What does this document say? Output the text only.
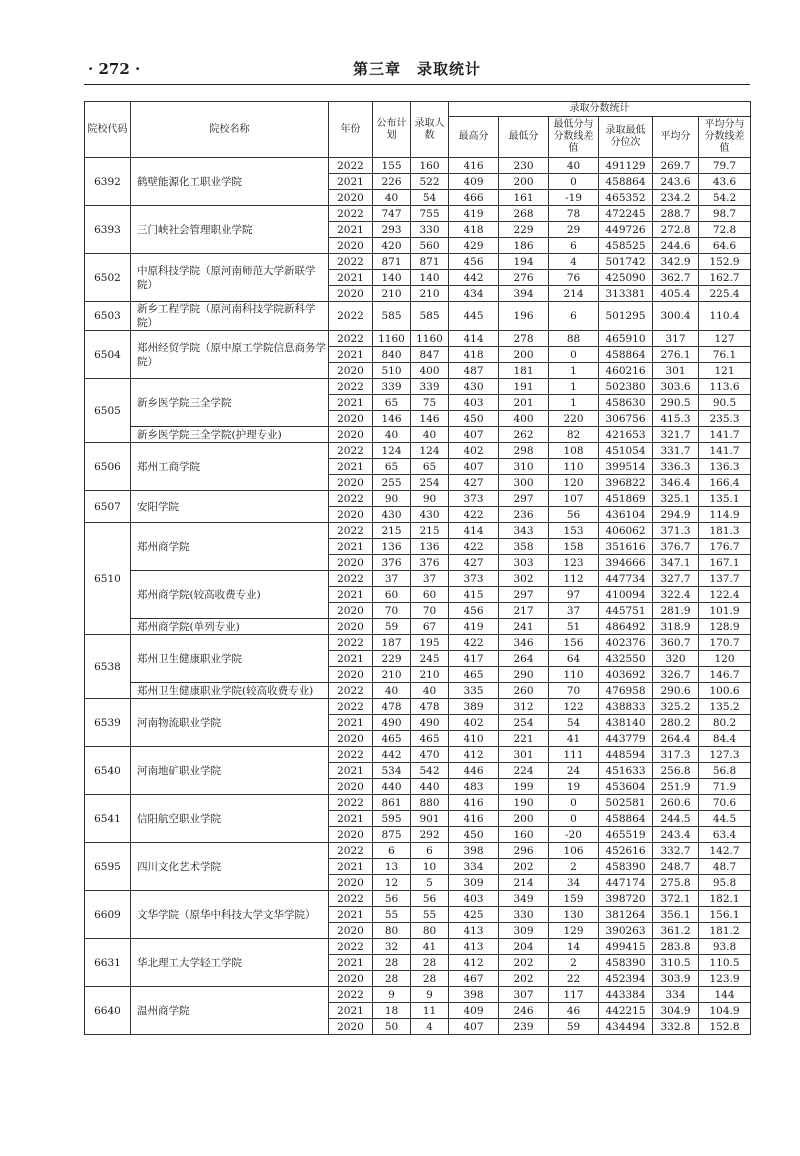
· 272 ·	第三章　录取统计
院校代码	院校名称	年份	公布计划	录取人数	录取分数统计					
					最高分	最低分	最低分与分数线差值	录取最低分位次	平均分	平均分与分数线差值
6392	鹤壁能源化工职业学院	2022	155	160	416	230	40	491129	269.7	79.7
		2021	226	522	409	200	0	458864	243.6	43.6
		2020	40	54	466	161	-19	465352	234.2	54.2
6393	三门峡社会管理职业学院	2022	747	755	419	268	78	472245	288.7	98.7
		2021	293	330	418	229	29	449726	272.8	72.8
		2020	420	560	429	186	6	458525	244.6	64.6
6502	中原科技学院（原河南师范大学新联学院）	2022	871	871	456	194	4	501742	342.9	152.9
		2021	140	140	442	276	76	425090	362.7	162.7
		2020	210	210	434	394	214	313381	405.4	225.4
6503	新乡工程学院（原河南科技学院新科学院）	2022	585	585	445	196	6	501295	300.4	110.4
6504	郑州经贸学院（原中原工学院信息商务学院）	2022	1160	1160	414	278	88	465910	317	127
		2021	840	847	418	200	0	458864	276.1	76.1
		2020	510	400	487	181	1	460216	301	121
6505	新乡医学院三全学院	2022	339	339	430	191	1	502380	303.6	113.6
		2021	65	75	403	201	1	458630	290.5	90.5
		2020	146	146	450	400	220	306756	415.3	235.3
	新乡医学院三全学院(护理专业)	2020	40	40	407	262	82	421653	321.7	141.7
6506	郑州工商学院	2022	124	124	402	298	108	451054	331.7	141.7
		2021	65	65	407	310	110	399514	336.3	136.3
		2020	255	254	427	300	120	396822	346.4	166.4
6507	安阳学院	2022	90	90	373	297	107	451869	325.1	135.1
		2020	430	430	422	236	56	436104	294.9	114.9
6510	郑州商学院	2022	215	215	414	343	153	406062	371.3	181.3
		2021	136	136	422	358	158	351616	376.7	176.7
		2020	376	376	427	303	123	394666	347.1	167.1
	郑州商学院(较高收费专业)	2022	37	37	373	302	112	447734	327.7	137.7
		2021	60	60	415	297	97	410094	322.4	122.4
		2020	70	70	456	217	37	445751	281.9	101.9
	郑州商学院(单列专业)	2020	59	67	419	241	51	486492	318.9	128.9
6538	郑州卫生健康职业学院	2022	187	195	422	346	156	402376	360.7	170.7
		2021	229	245	417	264	64	432550	320	120
		2020	210	210	465	290	110	403692	326.7	146.7
	郑州卫生健康职业学院(较高收费专业)	2022	40	40	335	260	70	476958	290.6	100.6
6539	河南物流职业学院	2022	478	478	389	312	122	438833	325.2	135.2
		2021	490	490	402	254	54	438140	280.2	80.2
		2020	465	465	410	221	41	443779	264.4	84.4
6540	河南地矿职业学院	2022	442	470	412	301	111	448594	317.3	127.3
		2021	534	542	446	224	24	451633	256.8	56.8
		2020	440	440	483	199	19	453604	251.9	71.9
6541	信阳航空职业学院	2022	861	880	416	190	0	502581	260.6	70.6
		2021	595	901	416	200	0	458864	244.5	44.5
		2020	875	292	450	160	-20	465519	243.4	63.4
6595	四川文化艺术学院	2022	6	6	398	296	106	452616	332.7	142.7
		2021	13	10	334	202	2	458390	248.7	48.7
		2020	12	5	309	214	34	447174	275.8	95.8
6609	文华学院（原华中科技大学文华学院）	2022	56	56	403	349	159	398720	372.1	182.1
		2021	55	55	425	330	130	381264	356.1	156.1
		2020	80	80	413	309	129	390263	361.2	181.2
6631	华北理工大学轻工学院	2022	32	41	413	204	14	499415	283.8	93.8
		2021	28	28	412	202	2	458390	310.5	110.5
		2020	28	28	467	202	22	452394	303.9	123.9
6640	温州商学院	2022	9	9	398	307	117	443384	334	144
		2021	18	11	409	246	46	442215	304.9	104.9
		2020	50	4	407	239	59	434494	332.8	152.8
